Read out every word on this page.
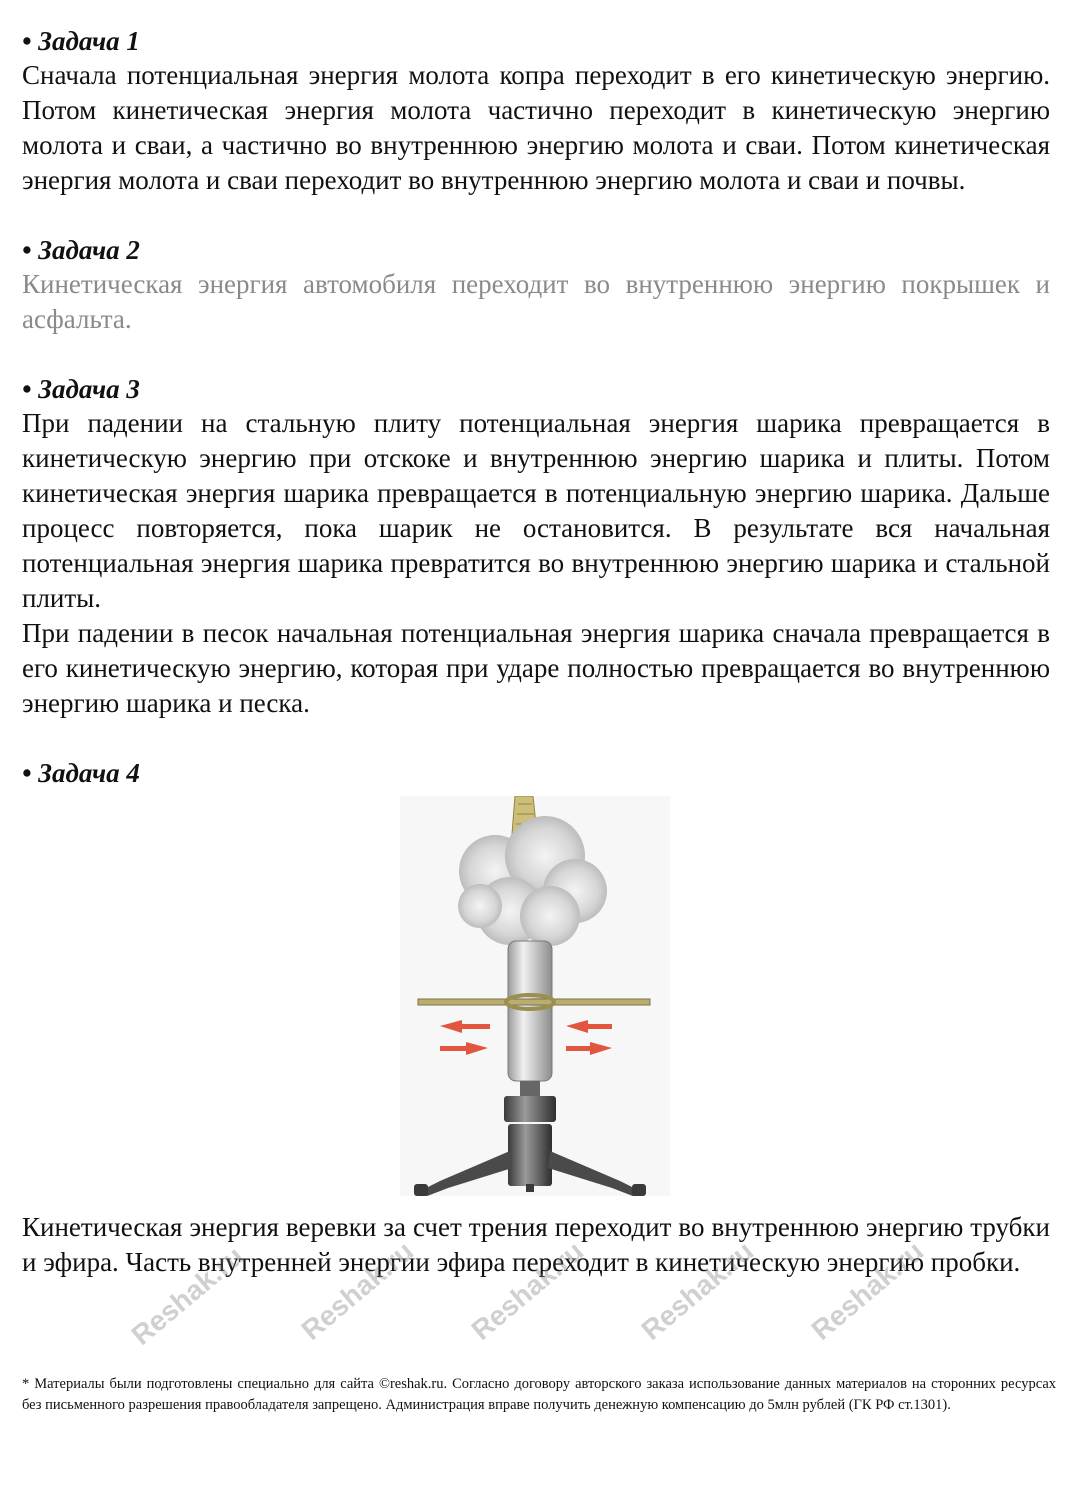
• Задача 1

Сначала потенциальная энергия молота копра переходит в его кинетическую энергию. Потом кинетическая энергия молота частично переходит в кинетическую энергию молота и сваи, а частично во внутреннюю энергию молота и сваи. Потом кинетическая энергия молота и сваи переходит во внутреннюю энергию молота и сваи и почвы.

• Задача 2

Кинетическая энергия автомобиля переходит во внутреннюю энергию покрышек и асфальта.

• Задача 3

При падении на стальную плиту потенциальная энергия шарика превращается в кинетическую энергию при отскоке и внутреннюю энергию шарика и плиты. Потом кинетическая энергия шарика превращается в потенциальную энергию шарика. Дальше процесс повторяется, пока шарик не остановится. В результате вся начальная потенциальная энергия шарика превратится во внутреннюю энергию шарика и стальной плиты.

При падении в песок начальная потенциальная энергия шарика сначала превращается в его кинетическую энергию, которая при ударе полностью превращается во внутреннюю энергию шарика и песка.

• Задача 4

Кинетическая энергия веревки за счет трения переходит во внутреннюю энергию трубки и эфира. Часть внутренней энергии эфира переходит в кинетическую энергию пробки.

* Материалы были подготовлены специально для сайта ©reshak.ru. Согласно договору авторского заказа использование данных материалов на сторонних ресурсах без письменного разрешения правообладателя запрещено. Администрация вправе получить денежную компенсацию до 5млн рублей (ГК РФ ст.1301).
Reshak.ru Reshak.ru Reshak.ru Reshak.ru Reshak.ru
